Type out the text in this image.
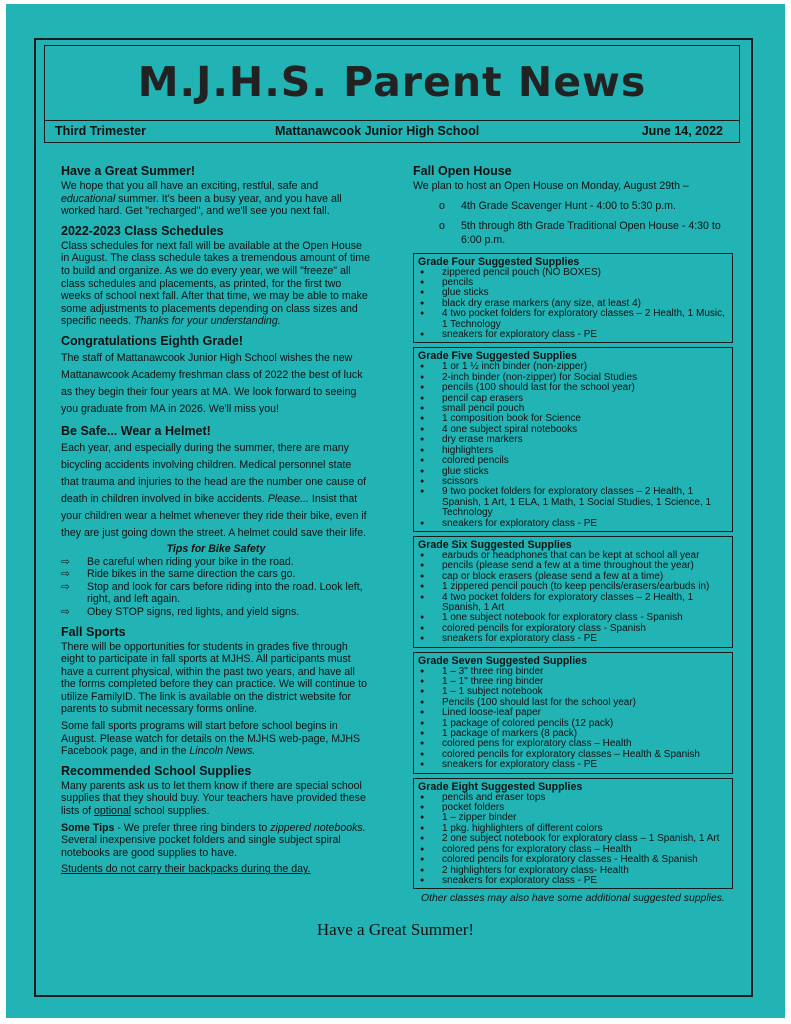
M.J.H.S. Parent News
Third Trimester	Mattanawcook Junior High School	June 14, 2022
Have a Great Summer!

We hope that you all have an exciting, restful, safe and educational summer. It's been a busy year, and you have all worked hard. Get "recharged", and we'll see you next fall.

2022-2023 Class Schedules

Class schedules for next fall will be available at the Open House in August. The class schedule takes a tremendous amount of time to build and organize. As we do every year, we will "freeze" all class schedules and placements, as printed, for the first two weeks of school next fall. After that time, we may be able to make some adjustments to placements depending on class sizes and specific needs. Thanks for your understanding.

Congratulations Eighth Grade!

The staff of Mattanawcook Junior High School wishes the new Mattanawcook Academy freshman class of 2022 the best of luck as they begin their four years at MA. We look forward to seeing you graduate from MA in 2026. We'll miss you!

Be Safe... Wear a Helmet!

Each year, and especially during the summer, there are many bicycling accidents involving children. Medical personnel state that trauma and injuries to the head are the number one cause of death in children involved in bike accidents. Please... Insist that your children wear a helmet whenever they ride their bike, even if they are just going down the street. A helmet could save their life.

Tips for Bike Safety
⇨ Be careful when riding your bike in the road.
⇨ Ride bikes in the same direction the cars go.
⇨ Stop and look for cars before riding into the road. Look left, right, and left again.
⇨ Obey STOP signs, red lights, and yield signs.
Fall Sports

There will be opportunities for students in grades five through eight to participate in fall sports at MJHS. All participants must have a current physical, within the past two years, and have all the forms completed before they can practice. We will continue to utilize FamilyID. The link is available on the district website for parents to submit necessary forms online.

Some fall sports programs will start before school begins in August. Please watch for details on the MJHS web-page, MJHS Facebook page, and in the Lincoln News.

Recommended School Supplies

Many parents ask us to let them know if there are special school supplies that they should buy. Your teachers have provided these lists of optional school supplies.

Some Tips - We prefer three ring binders to zippered notebooks. Several inexpensive pocket folders and single subject spiral notebooks are good supplies to have.

Students do not carry their backpacks during the day.

Fall Open House

We plan to host an Open House on Monday, August 29th –

o 4th Grade Scavenger Hunt - 4:00 to 5:30 p.m.
o 5th through 8th Grade Traditional Open House - 4:30 to 6:00 p.m.
Grade Four Suggested Supplies
● zippered pencil pouch (NO BOXES)
● pencils
● glue sticks
● black dry erase markers (any size, at least 4)
● 4 two pocket folders for exploratory classes – 2 Health, 1 Music, 1 Technology
● sneakers for exploratory class - PE
Grade Five Suggested Supplies
● 1 or 1 ½ inch binder (non-zipper)
● 2-inch binder (non-zipper) for Social Studies
● pencils (100 should last for the school year)
● pencil cap erasers
● small pencil pouch
● 1 composition book for Science
● 4 one subject spiral notebooks
● dry erase markers
● highlighters
● colored pencils
● glue sticks
● scissors
● 9 two pocket folders for exploratory classes – 2 Health, 1 Spanish, 1 Art, 1 ELA, 1 Math, 1 Social Studies, 1 Science, 1 Technology
● sneakers for exploratory class - PE
Grade Six Suggested Supplies
● earbuds or headphones that can be kept at school all year
● pencils (please send a few at a time throughout the year)
● cap or block erasers (please send a few at a time)
● 1 zippered pencil pouch (to keep pencils/erasers/earbuds in)
● 4 two pocket folders for exploratory classes – 2 Health, 1 Spanish, 1 Art
● 1 one subject notebook for exploratory class - Spanish
● colored pencils for exploratory class - Spanish
● sneakers for exploratory class - PE
Grade Seven Suggested Supplies
● 1 – 3" three ring binder
● 1 – 1" three ring binder
● 1 – 1 subject notebook
● Pencils (100 should last for the school year)
● Lined loose-leaf paper
● 1 package of colored pencils (12 pack)
● 1 package of markers (8 pack)
● colored pens for exploratory class – Health
● colored pencils for exploratory classes – Health & Spanish
● sneakers for exploratory class - PE
Grade Eight Suggested Supplies
● pencils and eraser tops
● pocket folders
● 1 – zipper binder
● 1 pkg. highlighters of different colors
● 2 one subject notebook for exploratory class – 1 Spanish, 1 Art
● colored pens for exploratory class – Health
● colored pencils for exploratory classes - Health & Spanish
● 2 highlighters for exploratory class- Health
● sneakers for exploratory class - PE
Other classes may also have some additional suggested supplies.
Have a Great Summer!
